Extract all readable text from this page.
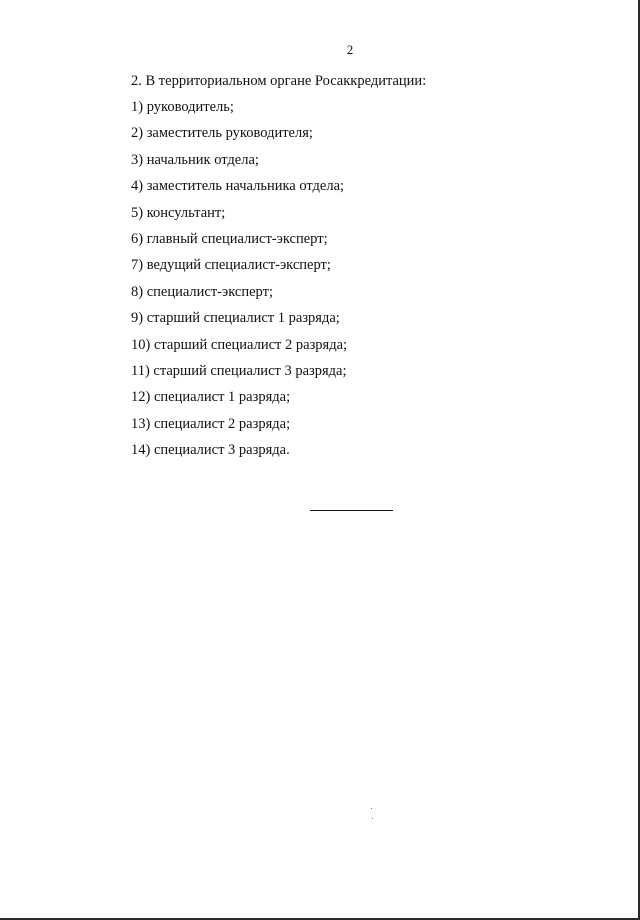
2
2. В территориальном органе Росаккредитации:
1) руководитель;
2) заместитель руководителя;
3) начальник отдела;
4) заместитель начальника отдела;
5) консультант;
6) главный специалист-эксперт;
7) ведущий специалист-эксперт;
8) специалист-эксперт;
9) старший специалист 1 разряда;
10) старший специалист 2 разряда;
11) старший специалист 3 разряда;
12) специалист 1 разряда;
13) специалист 2 разряда;
14) специалист 3 разряда.
